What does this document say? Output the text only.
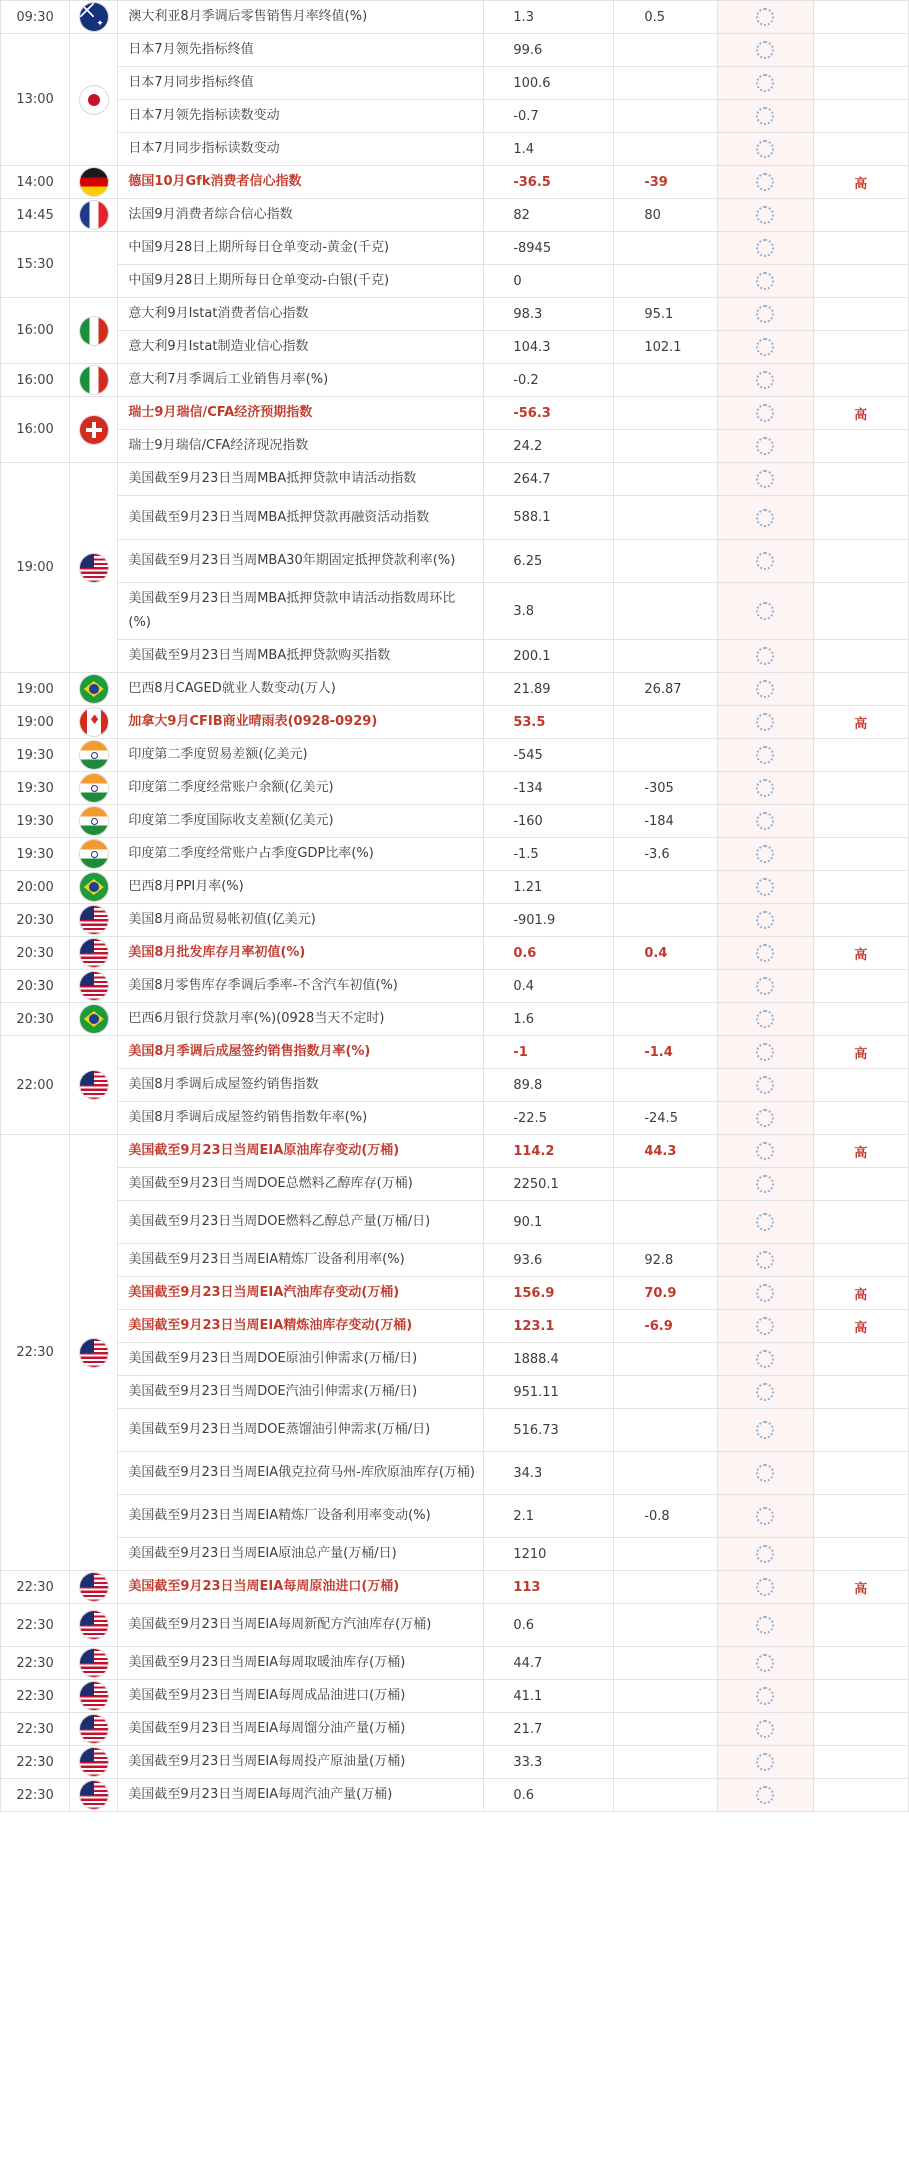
09:30	✦	澳大利亚8月季调后零售销售月率终值(%)	1.3	0.5		
13:00		日本7月领先指标终值	99.6			
		日本7月同步指标终值	100.6			
		日本7月领先指标读数变动	-0.7			
		日本7月同步指标读数变动	1.4			
14:00		德国10月Gfk消费者信心指数	-36.5	-39		高
14:45		法国9月消费者综合信心指数	82	80		
15:30		中国9月28日上期所每日仓单变动-黄金(千克)	-8945			
		中国9月28日上期所每日仓单变动-白银(千克)	0			
16:00		意大利9月Istat消费者信心指数	98.3	95.1		
		意大利9月Istat制造业信心指数	104.3	102.1		
16:00		意大利7月季调后工业销售月率(%)	-0.2			
16:00		瑞士9月瑞信/CFA经济预期指数	-56.3			高
		瑞士9月瑞信/CFA经济现况指数	24.2			
19:00		美国截至9月23日当周MBA抵押贷款申请活动指数	264.7			
		美国截至9月23日当周MBA抵押贷款再融资活动指数	588.1			
		美国截至9月23日当周MBA30年期固定抵押贷款利率(%)	6.25			
		美国截至9月23日当周MBA抵押贷款申请活动指数周环比(%)	3.8			
		美国截至9月23日当周MBA抵押贷款购买指数	200.1			
19:00		巴西8月CAGED就业人数变动(万人)	21.89	26.87		
19:00	♦	加拿大9月CFIB商业晴雨表(0928-0929)	53.5			高
19:30		印度第二季度贸易差额(亿美元)	-545			
19:30		印度第二季度经常账户余额(亿美元)	-134	-305		
19:30		印度第二季度国际收支差额(亿美元)	-160	-184		
19:30		印度第二季度经常账户占季度GDP比率(%)	-1.5	-3.6		
20:00		巴西8月PPI月率(%)	1.21			
20:30		美国8月商品贸易帐初值(亿美元)	-901.9			
20:30		美国8月批发库存月率初值(%)	0.6	0.4		高
20:30		美国8月零售库存季调后季率-不含汽车初值(%)	0.4			
20:30		巴西6月银行贷款月率(%)(0928当天不定时)	1.6			
22:00		美国8月季调后成屋签约销售指数月率(%)	-1	-1.4		高
		美国8月季调后成屋签约销售指数	89.8			
		美国8月季调后成屋签约销售指数年率(%)	-22.5	-24.5		
22:30		美国截至9月23日当周EIA原油库存变动(万桶)	114.2	44.3		高
		美国截至9月23日当周DOE总燃料乙醇库存(万桶)	2250.1			
		美国截至9月23日当周DOE燃料乙醇总产量(万桶/日)	90.1			
		美国截至9月23日当周EIA精炼厂设备利用率(%)	93.6	92.8		
		美国截至9月23日当周EIA汽油库存变动(万桶)	156.9	70.9		高
		美国截至9月23日当周EIA精炼油库存变动(万桶)	123.1	-6.9		高
		美国截至9月23日当周DOE原油引伸需求(万桶/日)	1888.4			
		美国截至9月23日当周DOE汽油引伸需求(万桶/日)	951.11			
		美国截至9月23日当周DOE蒸馏油引伸需求(万桶/日)	516.73			
		美国截至9月23日当周EIA俄克拉荷马州-库欣原油库存(万桶)	34.3			
		美国截至9月23日当周EIA精炼厂设备利用率变动(%)	2.1	-0.8		
		美国截至9月23日当周EIA原油总产量(万桶/日)	1210			
22:30		美国截至9月23日当周EIA每周原油进口(万桶)	113			高
22:30		美国截至9月23日当周EIA每周新配方汽油库存(万桶)	0.6			
22:30		美国截至9月23日当周EIA每周取暖油库存(万桶)	44.7			
22:30		美国截至9月23日当周EIA每周成品油进口(万桶)	41.1			
22:30		美国截至9月23日当周EIA每周馏分油产量(万桶)	21.7			
22:30		美国截至9月23日当周EIA每周投产原油量(万桶)	33.3			
22:30		美国截至9月23日当周EIA每周汽油产量(万桶)	0.6			
